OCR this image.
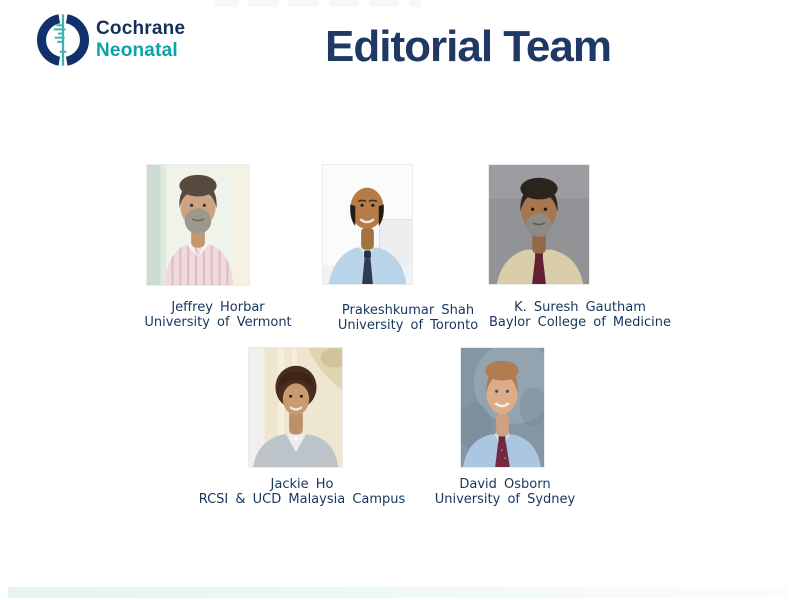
Cochrane
Neonatal	Editorial Team
Jeffrey Horbar
University of Vermont
Prakeshkumar Shah
University of Toronto
K. Suresh Gautham
Baylor College of Medicine
Jackie Ho
RCSI & UCD Malaysia Campus
David Osborn
University of Sydney
